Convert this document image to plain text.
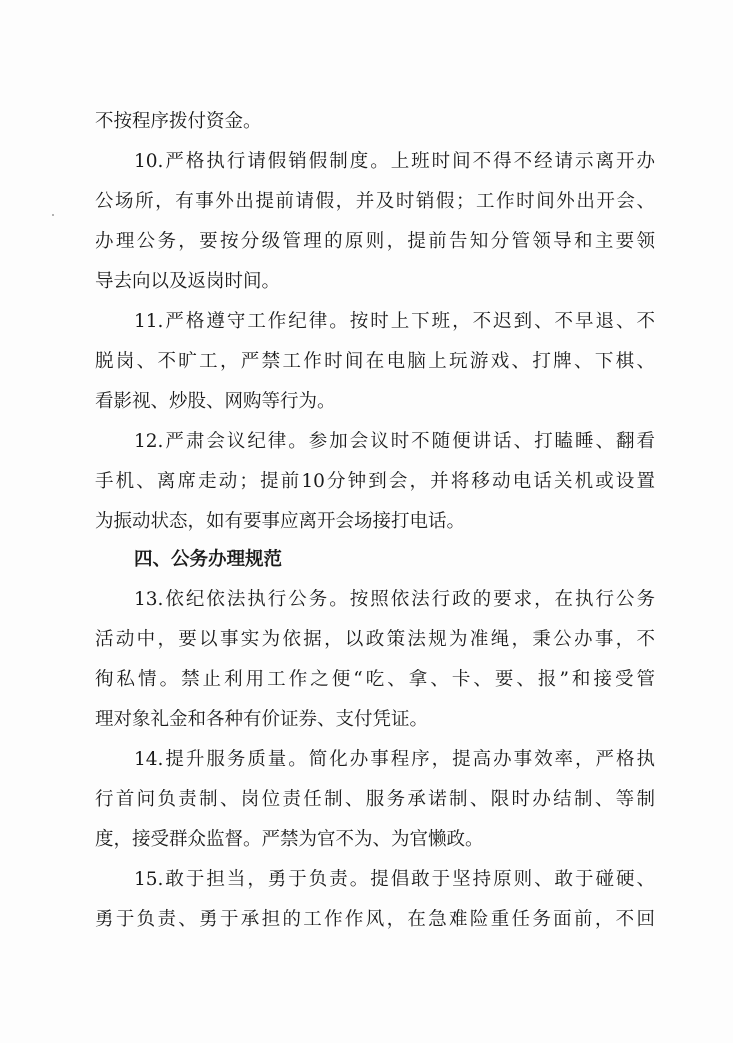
不按程序拨付资金。
10.严格执行请假销假制度。上班时间不得不经请示离开办
公场所，有事外出提前请假，并及时销假；工作时间外出开会、
办理公务，要按分级管理的原则，提前告知分管领导和主要领
导去向以及返岗时间。
11.严格遵守工作纪律。按时上下班，不迟到、不早退、不
脱岗、不旷工，严禁工作时间在电脑上玩游戏、打牌、下棋、
看影视、炒股、网购等行为。
12.严肃会议纪律。参加会议时不随便讲话、打瞌睡、翻看
手机、离席走动；提前10分钟到会，并将移动电话关机或设置
为振动状态，如有要事应离开会场接打电话。
四、公务办理规范
13.依纪依法执行公务。按照依法行政的要求，在执行公务
活动中，要以事实为依据，以政策法规为准绳，秉公办事，不
徇私情。禁止利用工作之便“吃、拿、卡、要、报”和接受管
理对象礼金和各种有价证券、支付凭证。
14.提升服务质量。简化办事程序，提高办事效率，严格执
行首问负责制、岗位责任制、服务承诺制、限时办结制、等制
度，接受群众监督。严禁为官不为、为官懒政。
15.敢于担当，勇于负责。提倡敢于坚持原则、敢于碰硬、
勇于负责、勇于承担的工作作风，在急难险重任务面前，不回
